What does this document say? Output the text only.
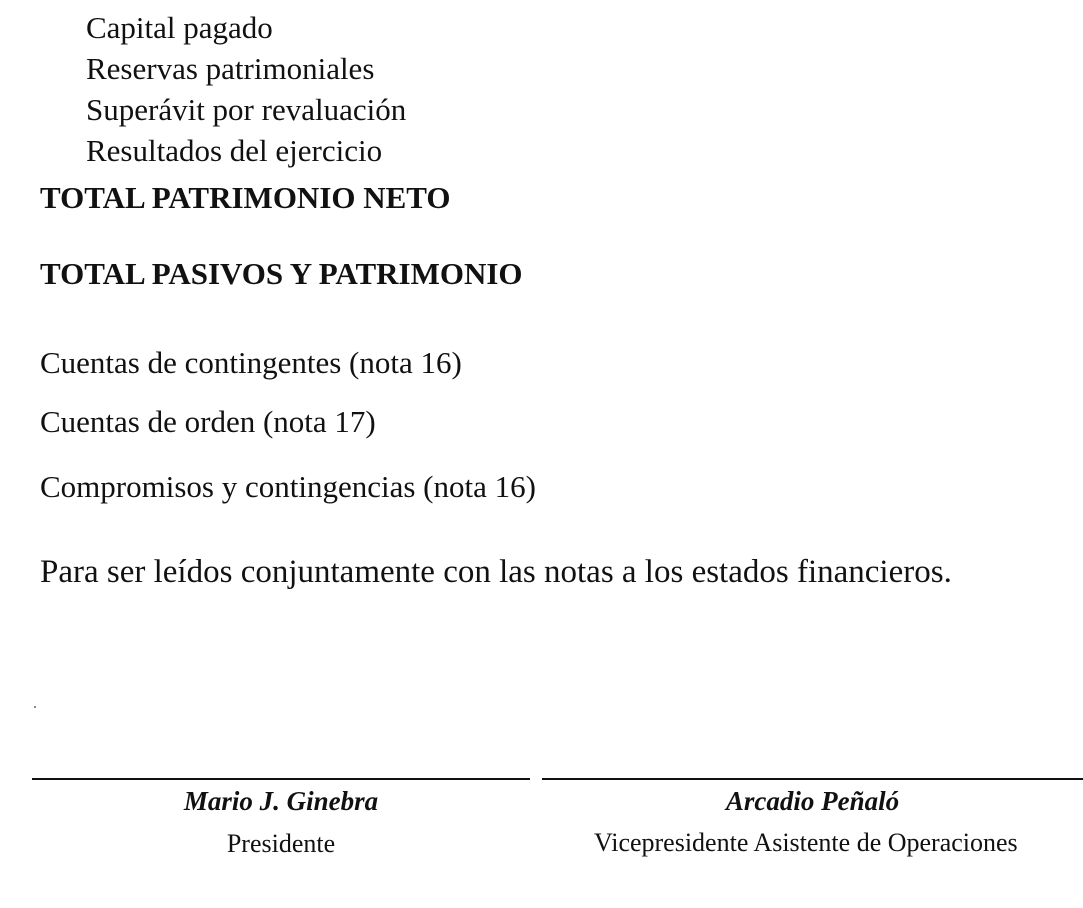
Capital pagado

Reservas patrimoniales

Superávit por revaluación

Resultados del ejercicio

TOTAL PATRIMONIO NETO

TOTAL PASIVOS Y PATRIMONIO

Cuentas de contingentes (nota 16)

Cuentas de orden (nota 17)

Compromisos y contingencias (nota 16)

Para ser leídos conjuntamente con las notas a los estados financieros.

Mario J. Ginebra
Presidente
Arcadio Peñaló
Vicepresidente Asistente de Operaciones
